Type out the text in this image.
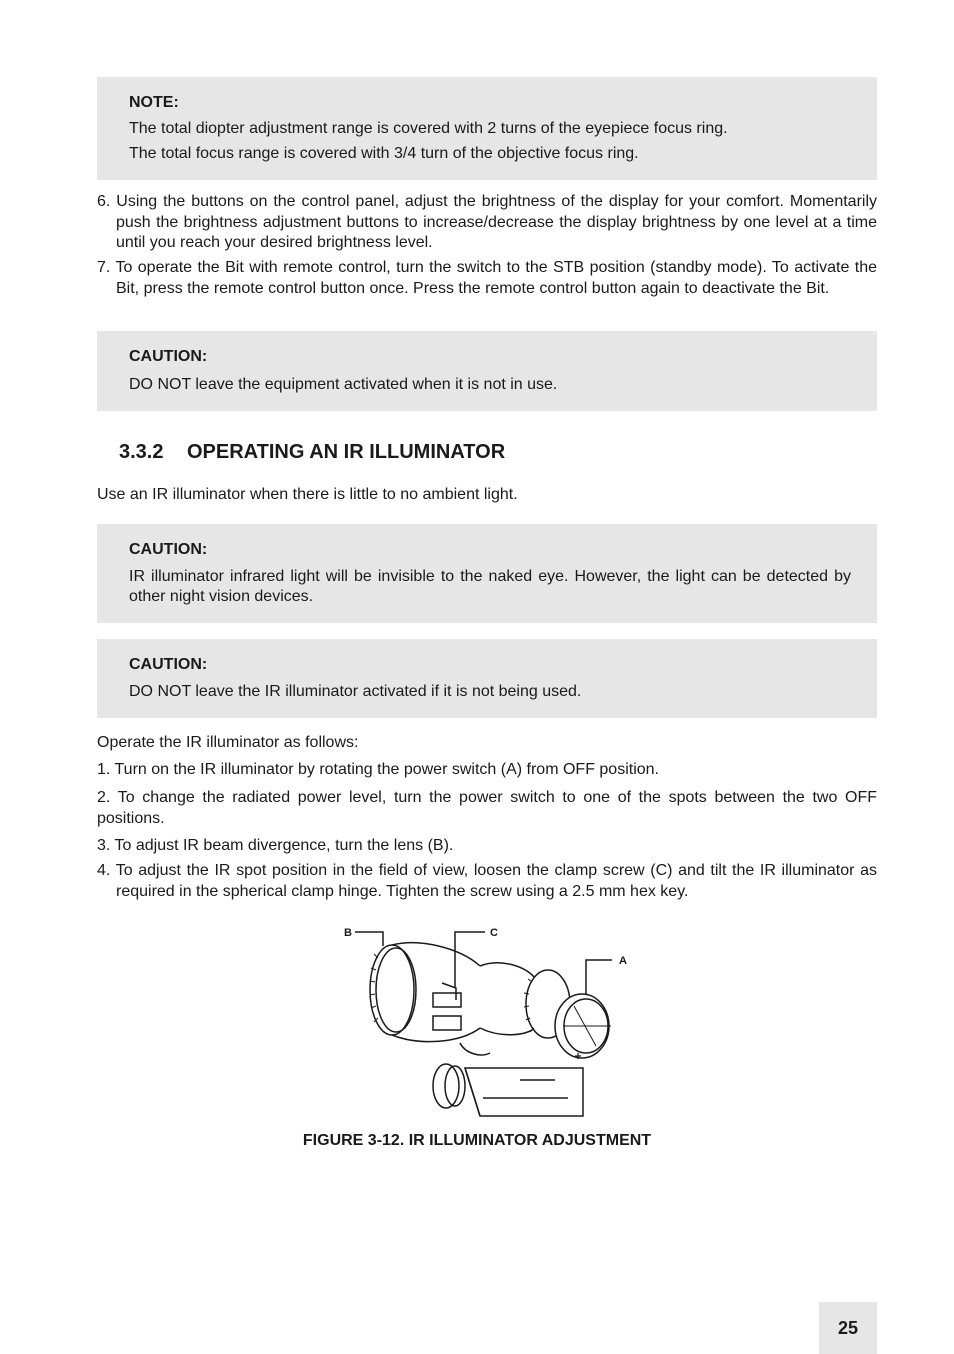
NOTE:
The total diopter adjustment range is covered with 2 turns of the eyepiece focus ring.
The total focus range is covered with 3/4 turn of the objective focus ring.
6. Using the buttons on the control panel, adjust the brightness of the display for your comfort. Momentarily push the brightness adjustment buttons to increase/decrease the display brightness by one level at a time until you reach your desired brightness level.
7. To operate the Bit with remote control, turn the switch to the STB position (standby mode). To activate the Bit, press the remote control button once. Press the remote control button again to deactivate the Bit.
CAUTION:
DO NOT leave the equipment activated when it is not in use.
3.3.2 OPERATING AN IR ILLUMINATOR
Use an IR illuminator when there is little to no ambient light.
CAUTION:
IR illuminator infrared light will be invisible to the naked eye. However, the light can be detected by other night vision devices.
CAUTION:
DO NOT leave the IR illuminator activated if it is not being used.
Operate the IR illuminator as follows:
1. Turn on the IR illuminator by rotating the power switch (A) from OFF position.
2. To change the radiated power level, turn the power switch to one of the spots between the two OFF positions.
3. To adjust IR beam divergence, turn the lens (B).
4. To adjust the IR spot position in the field of view, loosen the clamp screw (C) and tilt the IR illuminator as required in the spherical clamp hinge. Tighten the screw using a 2.5 mm hex key.
B	C
A
FIGURE 3-12. IR ILLUMINATOR ADJUSTMENT
25
